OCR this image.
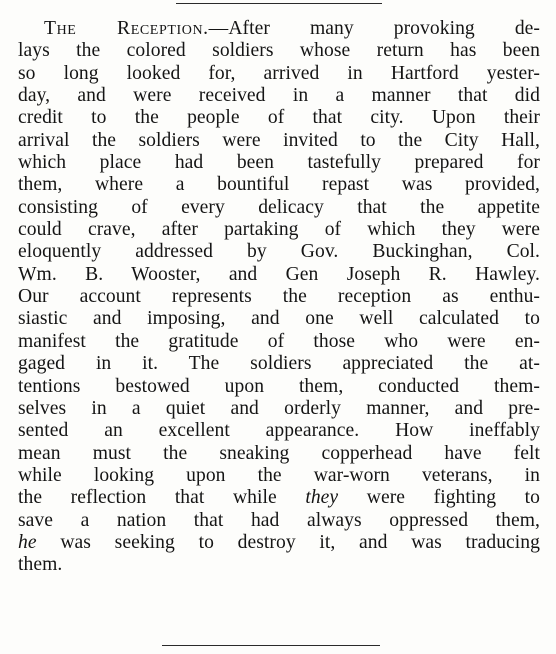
The Reception.—After many provoking de-
lays the colored soldiers whose return has been
so long looked for, arrived in Hartford yester-
day, and were received in a manner that did
credit to the people of that city. Upon their
arrival the soldiers were invited to the City Hall,
which place had been tastefully prepared for
them, where a bountiful repast was provided,
consisting of every delicacy that the appetite
could crave, after partaking of which they were
eloquently addressed by Gov. Buckinghan, Col.
Wm. B. Wooster, and Gen Joseph R. Hawley.
Our account represents the reception as enthu-
siastic and imposing, and one well calculated to
manifest the gratitude of those who were en-
gaged in it. The soldiers appreciated the at-
tentions bestowed upon them, conducted them-
selves in a quiet and orderly manner, and pre-
sented an excellent appearance. How ineffably
mean must the sneaking copperhead have felt
while looking upon the war-worn veterans, in
the reflection that while they were fighting to
save a nation that had always oppressed them,
he was seeking to destroy it, and was traducing
them.
